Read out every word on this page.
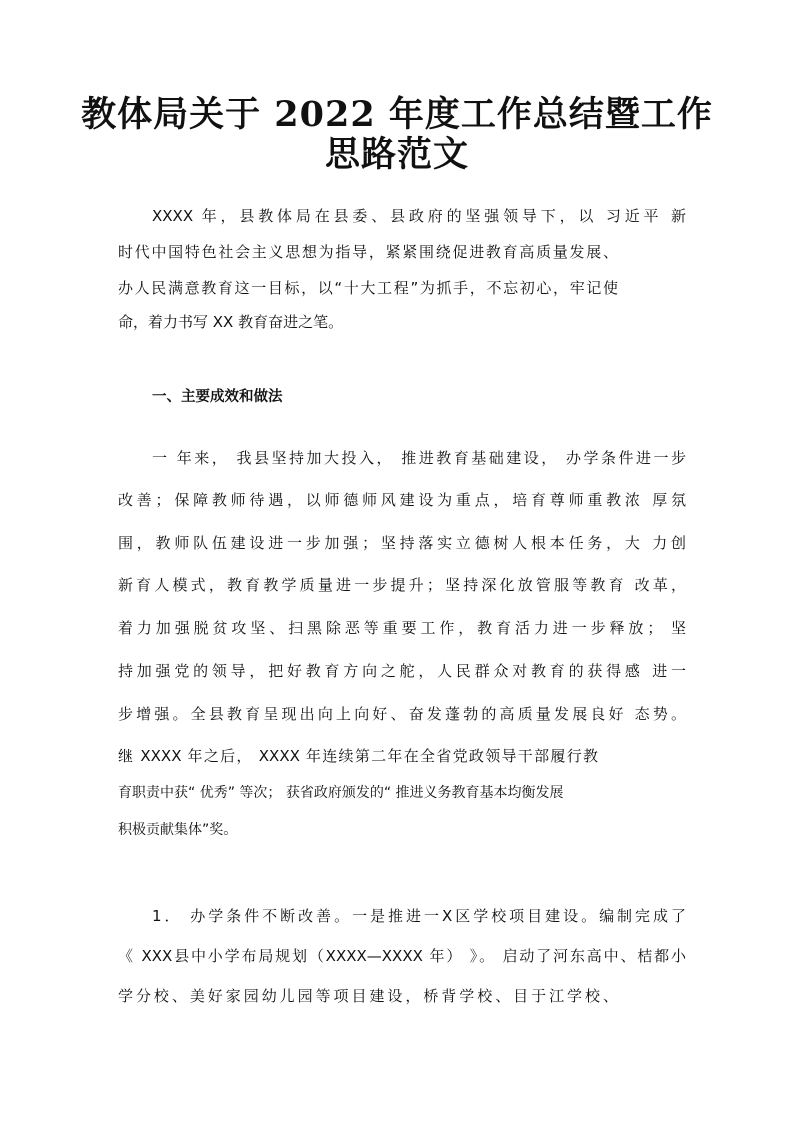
教体局关于 2022 年度工作总结暨工作
思路范文
XXXX 年，县教体局在县委、县政府的坚强领导下，以 习近平 新
时代中国特色社会主义思想为指导，紧紧围绕促进教育高质量发展、
办人民满意教育这一目标，以“十大工程”为抓手，不忘初心，牢记使
命，着力书写 XX 教育奋进之笔。
一、主要成效和做法
一 年来， 我县坚持加大投入， 推进教育基础建设， 办学条件进一步
改善；保障教师待遇，以师德师风建设为重点，培育尊师重教浓 厚氛
围，教师队伍建设进一步加强；坚持落实立德树人根本任务，大 力创
新育人模式，教育教学质量进一步提升；坚持深化放管服等教育 改革，
着力加强脱贫攻坚、扫黑除恶等重要工作，教育活力进一步释放； 坚
持加强党的领导，把好教育方向之舵，人民群众对教育的获得感 进一
步增强。全县教育呈现出向上向好、奋发蓬勃的高质量发展良好 态势。
继 XXXX 年之后， XXXX 年连续第二年在全省党政领导干部履行教
育职责中获“ 优秀” 等次； 获省政府颁发的“ 推进义务教育基本均衡发展
积极贡献集体”奖。
1． 办学条件不断改善。一是推进一X区学校项目建设。编制完成了
《 XXX县中小学布局规划（XXXX—XXXX 年） 》。 启动了河东高中、桔都小
学分校、美好家园幼儿园等项目建设，桥背学校、目于江学校、
